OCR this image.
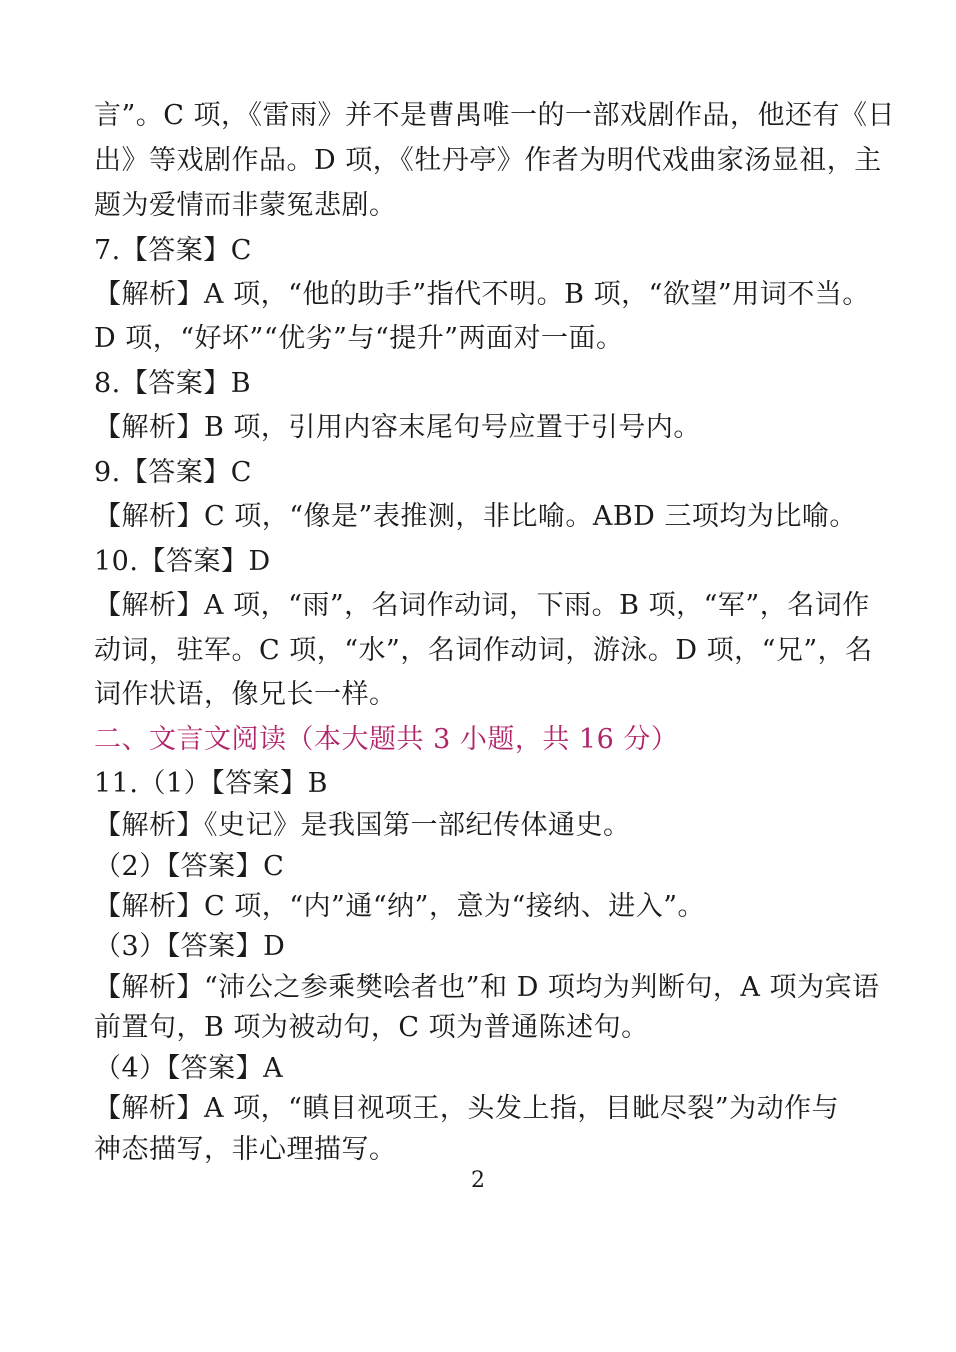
言”。C 项，《雷雨》并不是曹禺唯一的一部戏剧作品，他还有《日
出》等戏剧作品。D 项，《牡丹亭》作者为明代戏曲家汤显祖，主
题为爱情而非蒙冤悲剧。
7.【答案】C
【解析】A 项，“他的助手”指代不明。B 项，“欲望”用词不当。
D 项，“好坏”“优劣”与“提升”两面对一面。
8.【答案】B
【解析】B 项，引用内容末尾句号应置于引号内。
9.【答案】C
【解析】C 项，“像是”表推测，非比喻。ABD 三项均为比喻。
10.【答案】D
【解析】A 项，“雨”，名词作动词，下雨。B 项，“军”，名词作
动词，驻军。C 项，“水”，名词作动词，游泳。D 项，“兄”，名
词作状语，像兄长一样。
二、文言文阅读（本大题共 3 小题，共 16 分）
11.（1）【答案】B
【解析】《史记》是我国第一部纪传体通史。
（2）【答案】C
【解析】C 项，“内”通“纳”，意为“接纳、进入”。
（3）【答案】D
【解析】“沛公之参乘樊哙者也”和 D 项均为判断句，A 项为宾语
前置句，B 项为被动句，C 项为普通陈述句。
（4）【答案】A
【解析】A 项，“瞋目视项王，头发上指，目眦尽裂”为动作与
神态描写，非心理描写。
2
